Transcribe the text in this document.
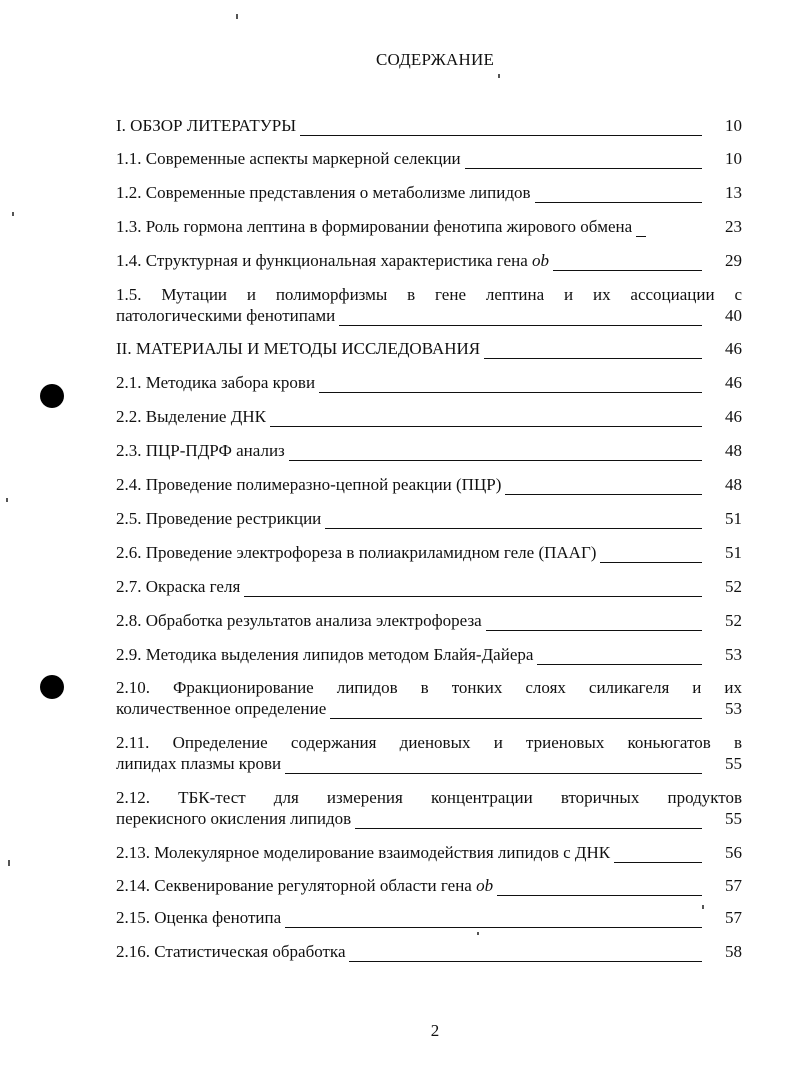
СОДЕРЖАНИЕ
I. ОБЗОР ЛИТЕРАТУРЫ	10
1.1. Современные аспекты маркерной селекции	10
1.2. Современные представления о метаболизме липидов	13
1.3. Роль гормона лептина в формировании фенотипа жирового обмена	23
1.4. Структурная и функциональная характеристика гена ob	29
1.5. Мутации и полиморфизмы в гене лептина и их ассоциации с
патологическими фенотипами	40
II. МАТЕРИАЛЫ И МЕТОДЫ ИССЛЕДОВАНИЯ	46
2.1. Методика забора крови	46
2.2. Выделение ДНК	46
2.3. ПЦР-ПДРФ анализ	48
2.4. Проведение полимеразно-цепной реакции (ПЦР)	48
2.5. Проведение рестрикции	51
2.6. Проведение электрофореза в полиакриламидном геле (ПААГ)	51
2.7. Окраска геля	52
2.8. Обработка результатов анализа электрофореза	52
2.9. Методика выделения липидов методом Блайя-Дайера	53
2.10. Фракционирование липидов в тонких слоях силикагеля и их
количественное определение	53
2.11. Определение содержания диеновых и триеновых коньюгатов в
липидах плазмы крови	55
2.12. ТБК-тест для измерения концентрации вторичных продуктов
перекисного окисления липидов	55
2.13. Молекулярное моделирование взаимодействия липидов с ДНК	56
2.14. Секвенирование регуляторной области гена ob	57
2.15. Оценка фенотипа	57
2.16. Статистическая обработка	58
2
